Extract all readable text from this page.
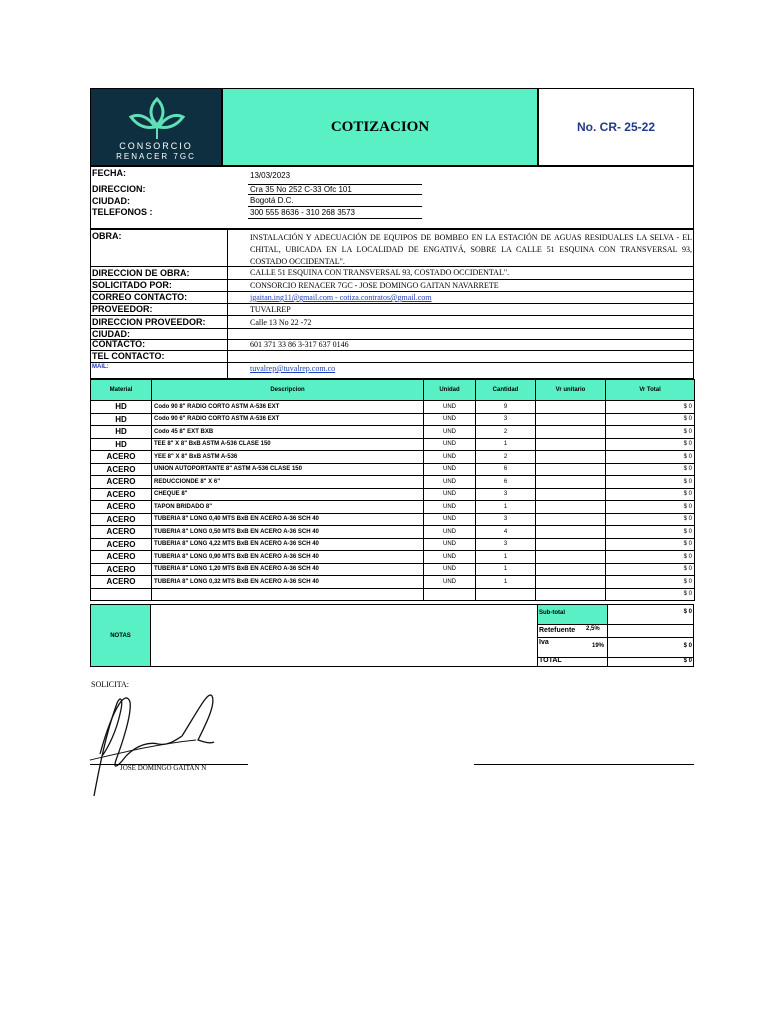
CONSORCIO
RENACER 7GC
COTIZACION	No. CR- 25-22
FECHA:	13/03/2023
DIRECCION:	Cra 35 No 252 C-33 Ofc 101
CIUDAD:	Bogotá D.C.
TELEFONOS :	300 555 8636 - 310 268 3573
OBRA:	INSTALACIÓN Y ADECUACIÓN DE EQUIPOS DE BOMBEO EN LA ESTACIÓN DE AGUAS RESIDUALES LA SELVA - EL CHITAL, UBICADA EN LA LOCALIDAD DE ENGATIVÁ, SOBRE LA CALLE 51 ESQUINA CON TRANSVERSAL 93, COSTADO OCCIDENTAL".
DIRECCION DE OBRA:	CALLE 51 ESQUINA CON TRANSVERSAL 93, COSTADO OCCIDENTAL".
SOLICITADO POR:	CONSORCIO RENACER 7GC - JOSE DOMINGO GAITAN NAVARRETE
CORREO CONTACTO:	jgaitan.ing11@gmail.com - cotiza.contratos@gmail.com
PROVEEDOR:	TUVALREP
DIRECCION PROVEEDOR:	Calle 13 No 22 -72
CIUDAD:
CONTACTO:	601 371 33 86 3-317 637 0146
TEL CONTACTO:
MAIL:	tuvalrep@tuvalrep.com.co
Material	Descripcion	Unidad	Cantidad	Vr unitario	Vr Total
HD	Codo 90 8" RADIO CORTO ASTM A-536 EXT	UND	9		$ 0
HD	Codo 90 6" RADIO CORTO ASTM A-536 EXT	UND	3		$ 0
HD	Codo 45 8" EXT BXB	UND	2		$ 0
HD	TEE 8" X 8" BxB ASTM A-536 CLASE 150	UND	1		$ 0
ACERO	YEE 8" X 8" BxB ASTM A-536	UND	2		$ 0
ACERO	UNION AUTOPORTANTE 8" ASTM A-536 CLASE 150	UND	6		$ 0
ACERO	REDUCCIONDE 8" X 6"	UND	6		$ 0
ACERO	CHEQUE 8"	UND	3		$ 0
ACERO	TAPON BRIDADO 8"	UND	1		$ 0
ACERO	TUBERIA 8" LONG 0,40 MTS BxB EN ACERO A-36 SCH 40	UND	3		$ 0
ACERO	TUBERIA 8" LONG 0,50 MTS BxB EN ACERO A-36 SCH 40	UND	4		$ 0
ACERO	TUBERIA 8" LONG 4,22 MTS BxB EN ACERO A-36 SCH 40	UND	3		$ 0
ACERO	TUBERIA 8" LONG 0,90 MTS BxB EN ACERO A-36 SCH 40	UND	1		$ 0
ACERO	TUBERIA 8" LONG 1,20 MTS BxB EN ACERO A-36 SCH 40	UND	1		$ 0
ACERO	TUBERIA 8" LONG 0,32 MTS BxB EN ACERO A-36 SCH 40	UND	1		$ 0
					$ 0
NOTAS
Sub-total	$ 0
Retefuente 2,5%
Iva	19%	$ 0
TOTAL	$ 0
SOLICITA:
JOSE DOMINGO GAITAN N
